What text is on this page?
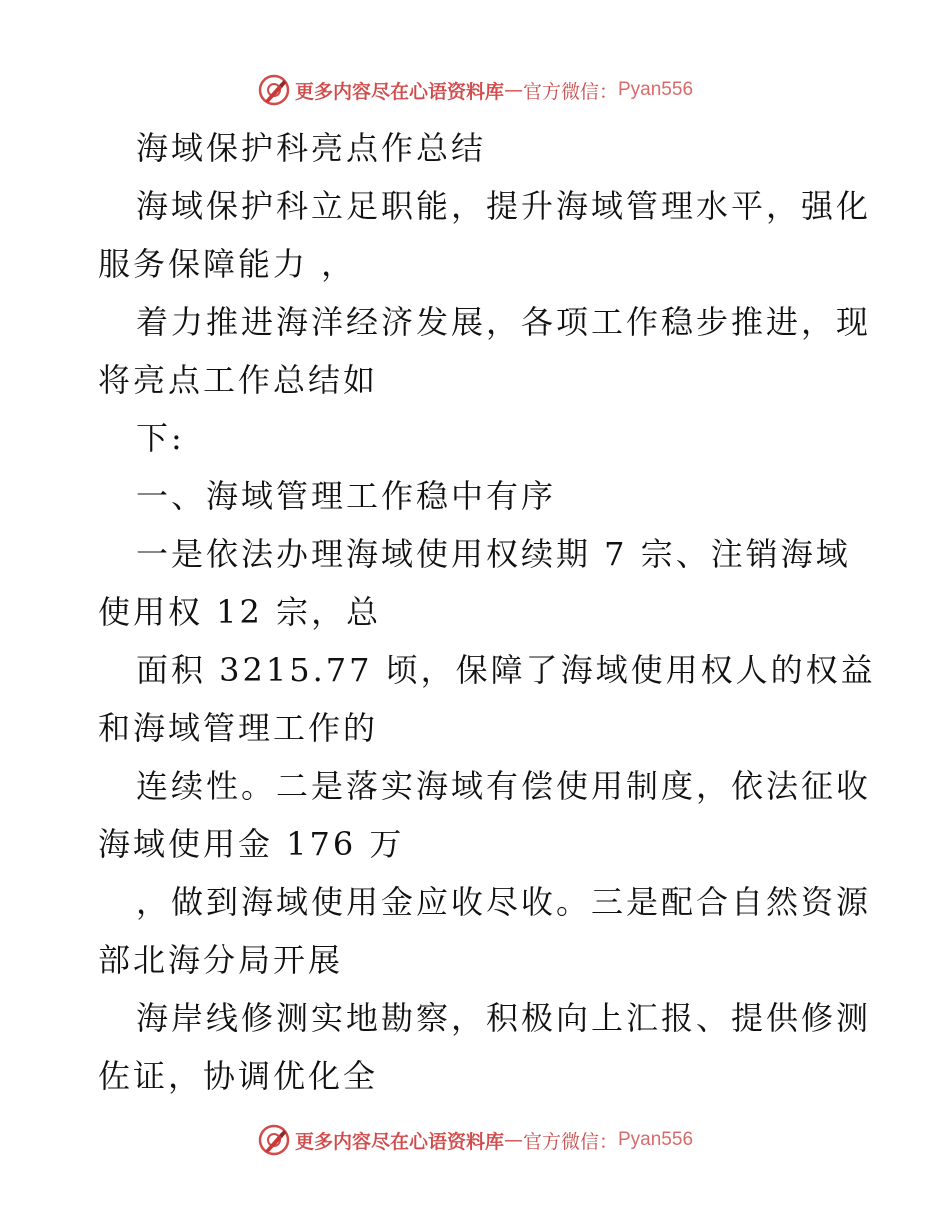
更多内容尽在心语资料库 — 官方微信： Pyan556
海域保护科亮点作总结
海域保护科立足职能，提升海域管理水平，强化
服务保障能力 ，
着力推进海洋经济发展，各项工作稳步推进，现
将亮点工作总结如
下:
一、海域管理工作稳中有序
一是依法办理海域使用权续期 7 宗、注销海域
使用权 12 宗，总
面积 3215.77 顷，保障了海域使用权人的权益
和海域管理工作的
连续性。二是落实海域有偿使用制度，依法征收
海域使用金 176 万
，做到海域使用金应收尽收。三是配合自然资源
部北海分局开展
海岸线修测实地勘察，积极向上汇报、提供修测
佐证，协调优化全
更多内容尽在心语资料库 — 官方微信： Pyan556
